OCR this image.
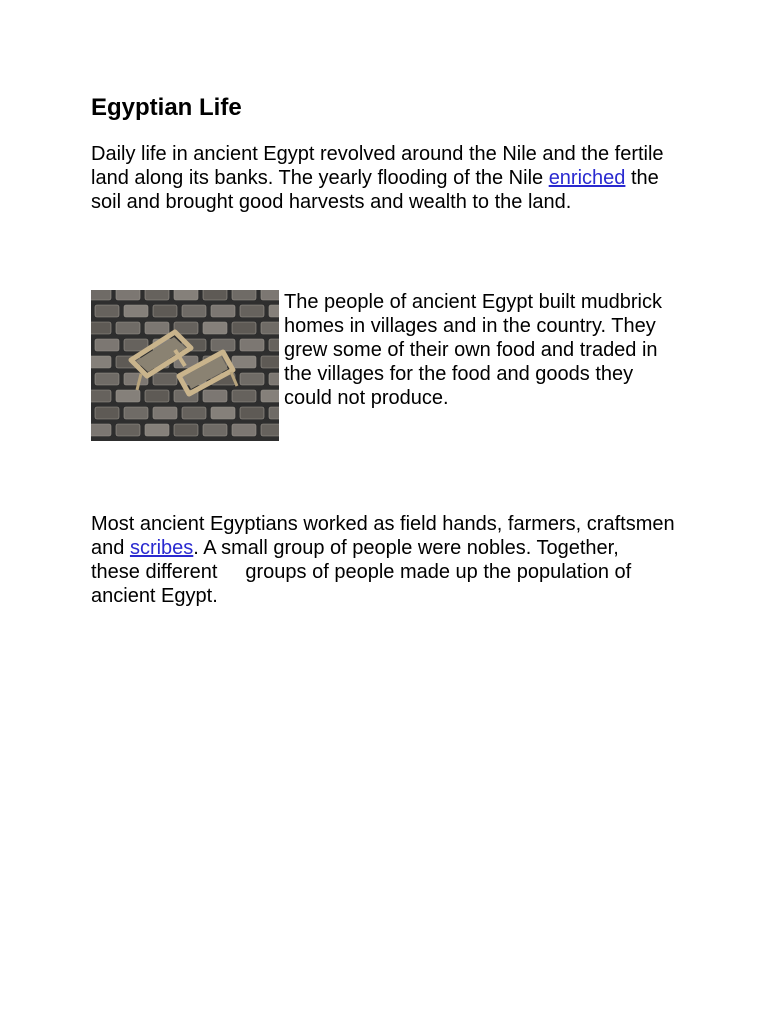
Egyptian Life

Daily life in ancient Egypt revolved around the Nile and the fertile
land along its banks. The yearly flooding of the Nile enriched the
soil and brought good harvests and wealth to the land.

The people of ancient Egypt built mudbrick
homes in villages and in the country. They
grew some of their own food and traded in
the villages for the food and goods they
could not produce.

Most ancient Egyptians worked as field hands, farmers, craftsmen
and scribes. A small group of people were nobles. Together,
these different groups of people made up the population of
ancient Egypt.
